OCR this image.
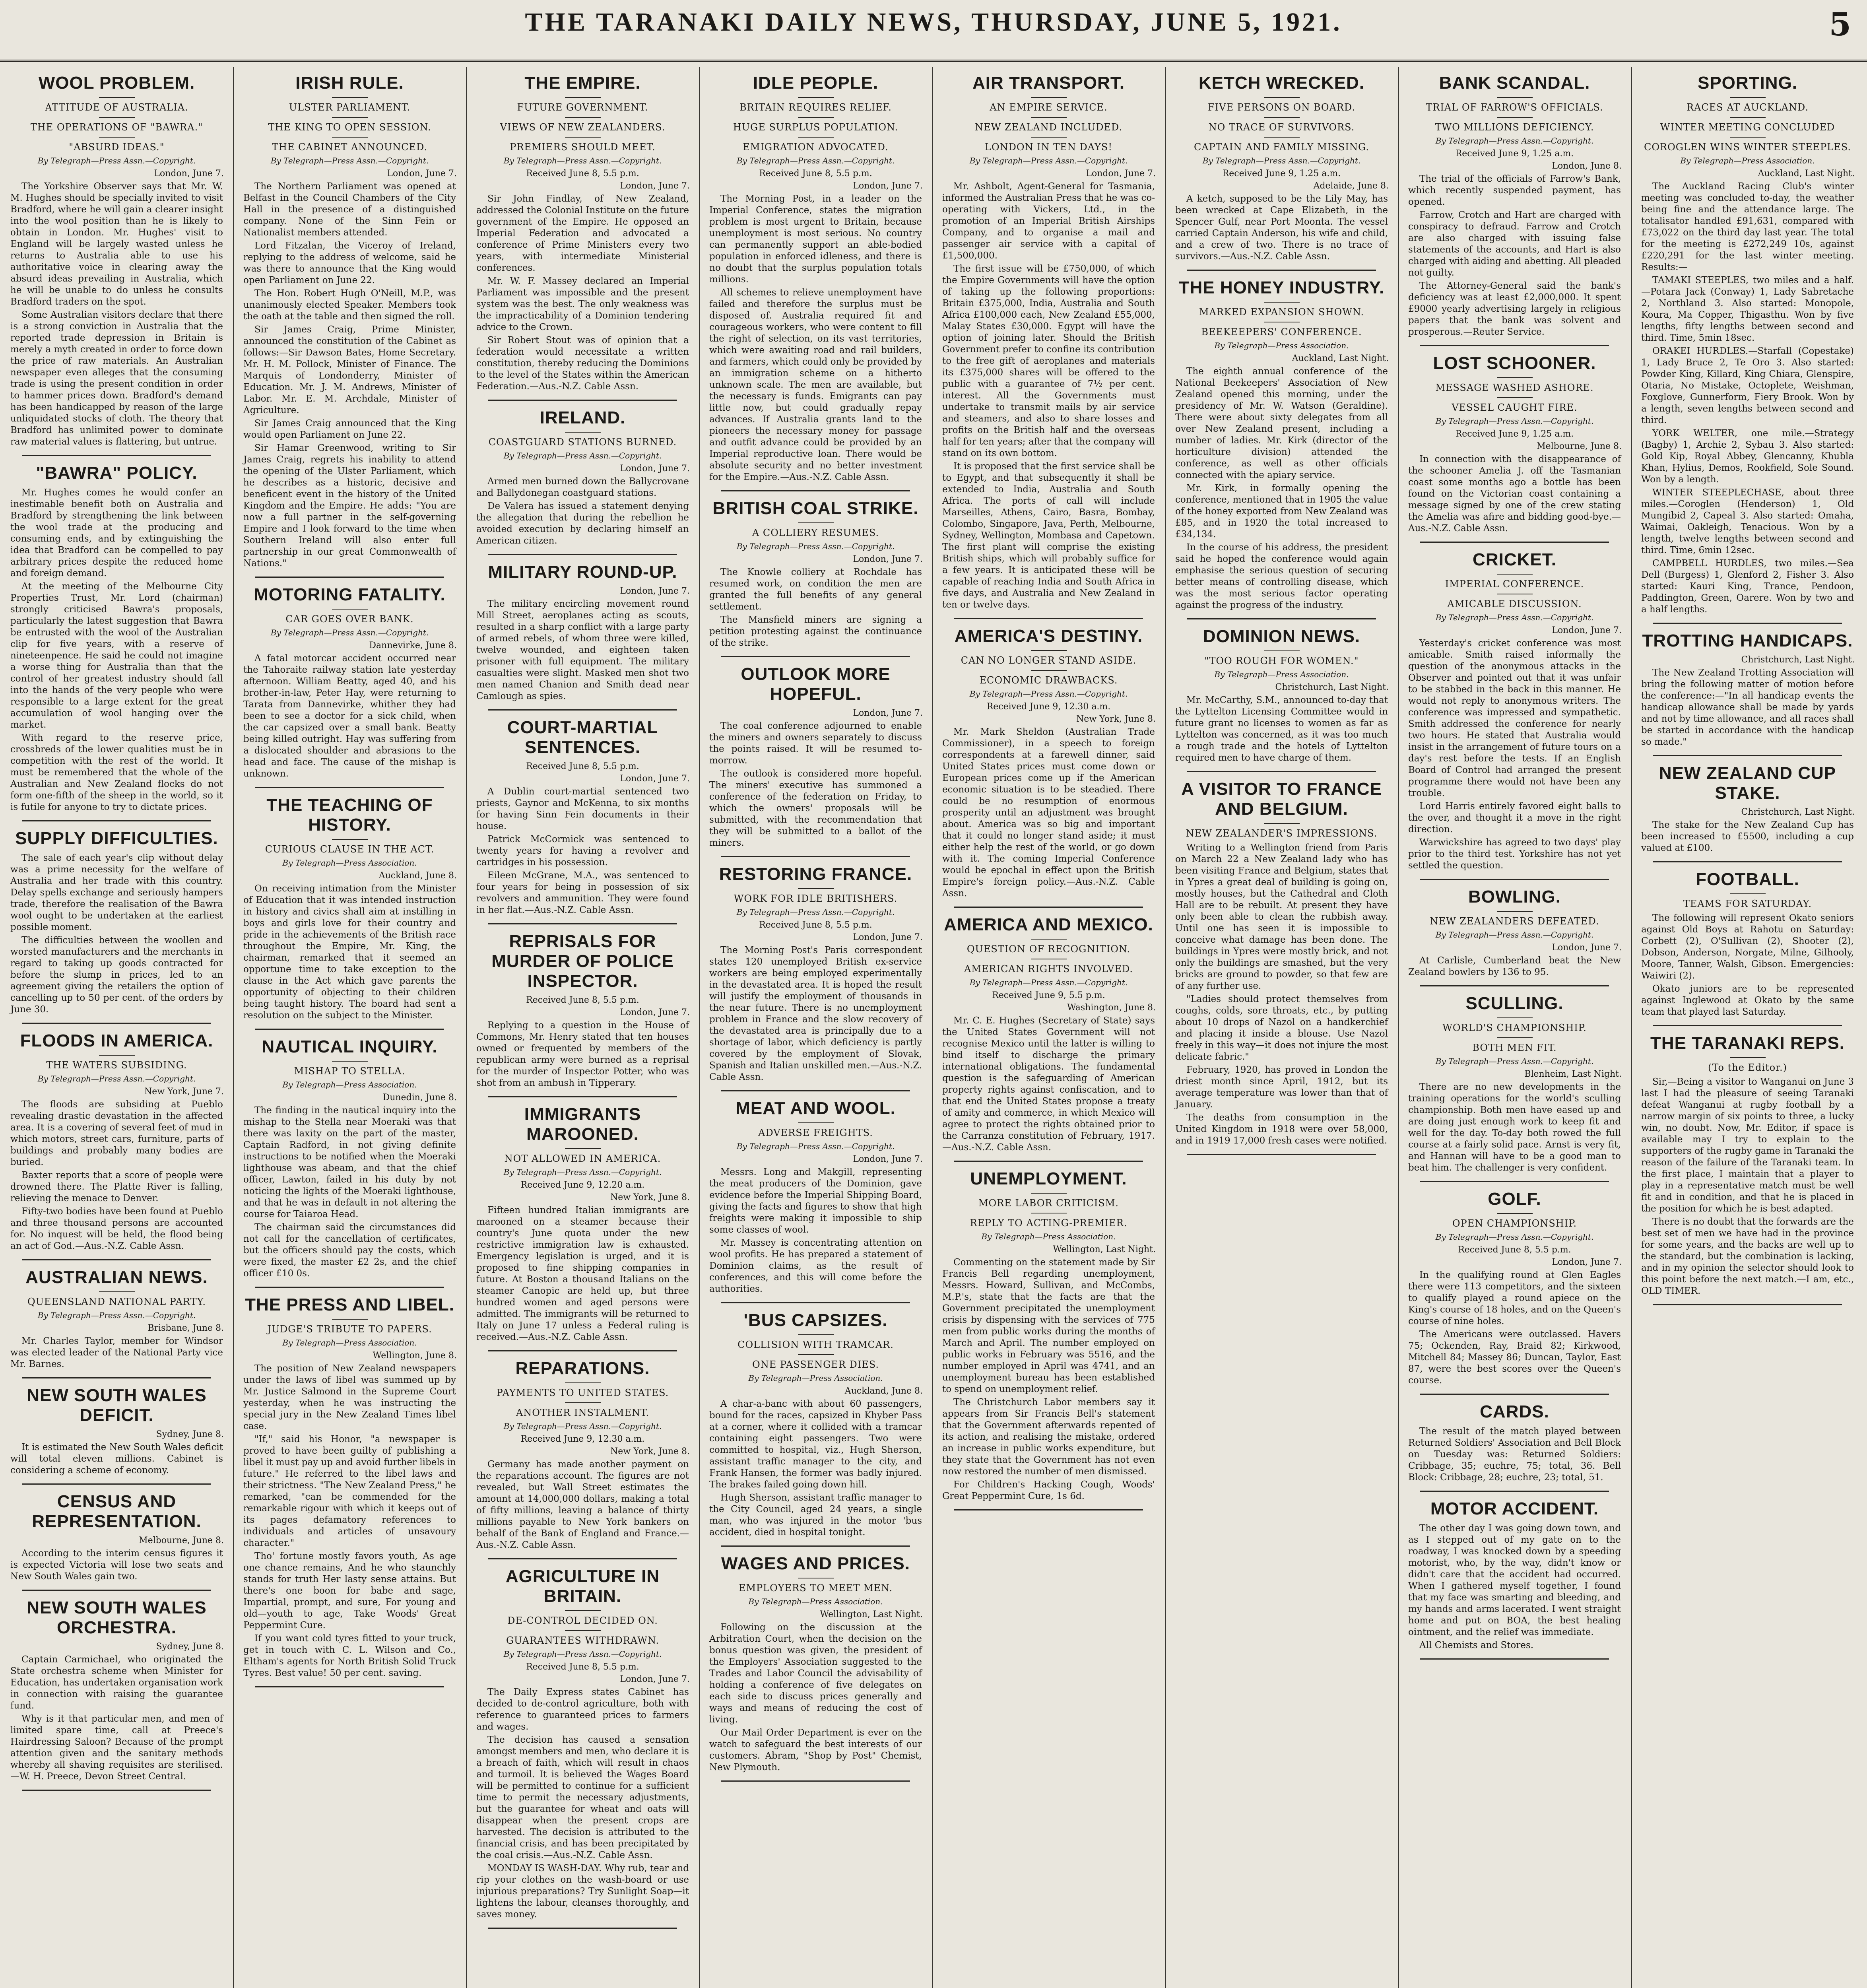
THE TARANAKI DAILY NEWS, THURSDAY, JUNE 5, 1921.	5
WOOL PROBLEM.
ATTITUDE OF AUSTRALIA.
THE OPERATIONS OF "BAWRA."
"ABSURD IDEAS."
By Telegraph—Press Assn.—Copyright.
London, June 7.

The Yorkshire Observer says that Mr. W. M. Hughes should be specially invited to visit Bradford, where he will gain a clearer insight into the wool position than he is likely to obtain in London. Mr. Hughes' visit to England will be largely wasted unless he returns to Australia able to use his authoritative voice in clearing away the absurd ideas prevailing in Australia, which he will be unable to do unless he consults Bradford traders on the spot.

Some Australian visitors declare that there is a strong conviction in Australia that the reported trade depression in Britain is merely a myth created in order to force down the price of raw materials. An Australian newspaper even alleges that the consuming trade is using the present condition in order to hammer prices down. Bradford's demand has been handicapped by reason of the large unliquidated stocks of cloth. The theory that Bradford has unlimited power to dominate raw material values is flattering, but untrue.

"BAWRA" POLICY.

Mr. Hughes comes he would confer an inestimable benefit both on Australia and Bradford by strengthening the link between the wool trade at the producing and consuming ends, and by extinguishing the idea that Bradford can be compelled to pay arbitrary prices despite the reduced home and foreign demand.

At the meeting of the Melbourne City Properties Trust, Mr. Lord (chairman) strongly criticised Bawra's proposals, particularly the latest suggestion that Bawra be entrusted with the wool of the Australian clip for five years, with a reserve of nineteenpence. He said he could not imagine a worse thing for Australia than that the control of her greatest industry should fall into the hands of the very people who were responsible to a large extent for the great accumulation of wool hanging over the market.

With regard to the reserve price, crossbreds of the lower qualities must be in competition with the rest of the world. It must be remembered that the whole of the Australian and New Zealand flocks do not form one-fifth of the sheep in the world, so it is futile for anyone to try to dictate prices.

SUPPLY DIFFICULTIES.

The sale of each year's clip without delay was a prime necessity for the welfare of Australia and her trade with this country. Delay spells exchange and seriously hampers trade, therefore the realisation of the Bawra wool ought to be undertaken at the earliest possible moment.

The difficulties between the woollen and worsted manufacturers and the merchants in regard to taking up goods contracted for before the slump in prices, led to an agreement giving the retailers the option of cancelling up to 50 per cent. of the orders by June 30.

FLOODS IN AMERICA.
THE WATERS SUBSIDING.
By Telegraph—Press Assn.—Copyright.
New York, June 7.

The floods are subsiding at Pueblo revealing drastic devastation in the affected area. It is a covering of several feet of mud in which motors, street cars, furniture, parts of buildings and probably many bodies are buried.

Baxter reports that a score of people were drowned there. The Platte River is falling, relieving the menace to Denver.

Fifty-two bodies have been found at Pueblo and three thousand persons are accounted for. No inquest will be held, the flood being an act of God.—Aus.-N.Z. Cable Assn.

AUSTRALIAN NEWS.
QUEENSLAND NATIONAL PARTY.
By Telegraph—Press Assn.—Copyright.
Brisbane, June 8.

Mr. Charles Taylor, member for Windsor was elected leader of the National Party vice Mr. Barnes.

NEW SOUTH WALES DEFICIT.
Sydney, June 8.

It is estimated the New South Wales deficit will total eleven millions. Cabinet is considering a scheme of economy.

CENSUS AND REPRESENTATION.
Melbourne, June 8.

According to the interim census figures it is expected Victoria will lose two seats and New South Wales gain two.

NEW SOUTH WALES ORCHESTRA.
Sydney, June 8.

Captain Carmichael, who originated the State orchestra scheme when Minister for Education, has undertaken organisation work in connection with raising the guarantee fund.

Why is it that particular men, and men of limited spare time, call at Preece's Hairdressing Saloon? Because of the prompt attention given and the sanitary methods whereby all shaving requisites are sterilised.—W. H. Preece, Devon Street Central.

IRISH RULE.
ULSTER PARLIAMENT.
THE KING TO OPEN SESSION.
THE CABINET ANNOUNCED.
By Telegraph—Press Assn.—Copyright.
London, June 7.

The Northern Parliament was opened at Belfast in the Council Chambers of the City Hall in the presence of a distinguished company. None of the Sinn Fein or Nationalist members attended.

Lord Fitzalan, the Viceroy of Ireland, replying to the address of welcome, said he was there to announce that the King would open Parliament on June 22.

The Hon. Robert Hugh O'Neill, M.P., was unanimously elected Speaker. Members took the oath at the table and then signed the roll.

Sir James Craig, Prime Minister, announced the constitution of the Cabinet as follows:—Sir Dawson Bates, Home Secretary. Mr. H. M. Pollock, Minister of Finance. The Marquis of Londonderry, Minister of Education. Mr. J. M. Andrews, Minister of Labor. Mr. E. M. Archdale, Minister of Agriculture.

Sir James Craig announced that the King would open Parliament on June 22.

Sir Hamar Greenwood, writing to Sir James Craig, regrets his inability to attend the opening of the Ulster Parliament, which he describes as a historic, decisive and beneficent event in the history of the United Kingdom and the Empire. He adds: "You are now a full partner in the self-governing Empire and I look forward to the time when Southern Ireland will also enter full partnership in our great Commonwealth of Nations."

MOTORING FATALITY.
CAR GOES OVER BANK.
By Telegraph—Press Assn.—Copyright.
Dannevirke, June 8.

A fatal motorcar accident occurred near the Tahoraite railway station late yesterday afternoon. William Beatty, aged 40, and his brother-in-law, Peter Hay, were returning to Tarata from Dannevirke, whither they had been to see a doctor for a sick child, when the car capsized over a small bank. Beatty being killed outright. Hay was suffering from a dislocated shoulder and abrasions to the head and face. The cause of the mishap is unknown.

THE TEACHING OF HISTORY.
CURIOUS CLAUSE IN THE ACT.
By Telegraph—Press Association.
Auckland, June 8.

On receiving intimation from the Minister of Education that it was intended instruction in history and civics shall aim at instilling in boys and girls love for their country and pride in the achievements of the British race throughout the Empire, Mr. King, the chairman, remarked that it seemed an opportune time to take exception to the clause in the Act which gave parents the opportunity of objecting to their children being taught history. The board had sent a resolution on the subject to the Minister.

NAUTICAL INQUIRY.
MISHAP TO STELLA.
By Telegraph—Press Association.
Dunedin, June 8.

The finding in the nautical inquiry into the mishap to the Stella near Moeraki was that there was laxity on the part of the master, Captain Radford, in not giving definite instructions to be notified when the Moeraki lighthouse was abeam, and that the chief officer, Lawton, failed in his duty by not noticing the lights of the Moeraki lighthouse, and that he was in default in not altering the course for Taiaroa Head.

The chairman said the circumstances did not call for the cancellation of certificates, but the officers should pay the costs, which were fixed, the master £2 2s, and the chief officer £10 0s.

THE PRESS AND LIBEL.
JUDGE'S TRIBUTE TO PAPERS.
By Telegraph—Press Association.
Wellington, June 8.

The position of New Zealand newspapers under the laws of libel was summed up by Mr. Justice Salmond in the Supreme Court yesterday, when he was instructing the special jury in the New Zealand Times libel case.

"If," said his Honor, "a newspaper is proved to have been guilty of publishing a libel it must pay up and avoid further libels in future." He referred to the libel laws and their strictness. "The New Zealand Press," he remarked, "can be commended for the remarkable rigour with which it keeps out of its pages defamatory references to individuals and articles of unsavoury character."

Tho' fortune mostly favors youth, As age one chance remains, And he who staunchly stands for truth Her lasty sense attains. But there's one boon for babe and sage, Impartial, prompt, and sure, For young and old—youth to age, Take Woods' Great Peppermint Cure.

If you want cold tyres fitted to your truck, get in touch with C. L. Wilson and Co., Eltham's agents for North British Solid Truck Tyres. Best value! 50 per cent. saving.

THE EMPIRE.
FUTURE GOVERNMENT.
VIEWS OF NEW ZEALANDERS.
PREMIERS SHOULD MEET.
By Telegraph—Press Assn.—Copyright.
Received June 8, 5.5 p.m.
London, June 7.

Sir John Findlay, of New Zealand, addressed the Colonial Institute on the future government of the Empire. He opposed an Imperial Federation and advocated a conference of Prime Ministers every two years, with intermediate Ministerial conferences.

Mr. W. F. Massey declared an Imperial Parliament was impossible and the present system was the best. The only weakness was the impracticability of a Dominion tendering advice to the Crown.

Sir Robert Stout was of opinion that a federation would necessitate a written constitution, thereby reducing the Dominions to the level of the States within the American Federation.—Aus.-N.Z. Cable Assn.

IRELAND.
COASTGUARD STATIONS BURNED.
By Telegraph—Press Assn.—Copyright.
London, June 7.

Armed men burned down the Ballycrovane and Ballydonegan coastguard stations.

De Valera has issued a statement denying the allegation that during the rebellion he avoided execution by declaring himself an American citizen.

MILITARY ROUND-UP.
London, June 7.

The military encircling movement round Mill Street, aeroplanes acting as scouts, resulted in a sharp conflict with a large party of armed rebels, of whom three were killed, twelve wounded, and eighteen taken prisoner with full equipment. The military casualties were slight. Masked men shot two men named Chanion and Smith dead near Camlough as spies.

COURT-MARTIAL SENTENCES.
Received June 8, 5.5 p.m.
London, June 7.

A Dublin court-martial sentenced two priests, Gaynor and McKenna, to six months for having Sinn Fein documents in their house.

Patrick McCormick was sentenced to twenty years for having a revolver and cartridges in his possession.

Eileen McGrane, M.A., was sentenced to four years for being in possession of six revolvers and ammunition. They were found in her flat.—Aus.-N.Z. Cable Assn.

REPRISALS FOR MURDER OF POLICE INSPECTOR.
Received June 8, 5.5 p.m.
London, June 7.

Replying to a question in the House of Commons, Mr. Henry stated that ten houses owned or frequented by members of the republican army were burned as a reprisal for the murder of Inspector Potter, who was shot from an ambush in Tipperary.

IMMIGRANTS MAROONED.
NOT ALLOWED IN AMERICA.
By Telegraph—Press Assn.—Copyright.
Received June 9, 12.20 a.m.
New York, June 8.

Fifteen hundred Italian immigrants are marooned on a steamer because their country's June quota under the new restrictive immigration law is exhausted. Emergency legislation is urged, and it is proposed to fine shipping companies in future. At Boston a thousand Italians on the steamer Canopic are held up, but three hundred women and aged persons were admitted. The immigrants will be returned to Italy on June 17 unless a Federal ruling is received.—Aus.-N.Z. Cable Assn.

REPARATIONS.
PAYMENTS TO UNITED STATES.
ANOTHER INSTALMENT.
By Telegraph—Press Assn.—Copyright.
Received June 9, 12.30 a.m.
New York, June 8.

Germany has made another payment on the reparations account. The figures are not revealed, but Wall Street estimates the amount at 14,000,000 dollars, making a total of fifty millions, leaving a balance of thirty millions payable to New York bankers on behalf of the Bank of England and France.—Aus.-N.Z. Cable Assn.

AGRICULTURE IN BRITAIN.
DE-CONTROL DECIDED ON.
GUARANTEES WITHDRAWN.
By Telegraph—Press Assn.—Copyright.
Received June 8, 5.5 p.m.
London, June 7.

The Daily Express states Cabinet has decided to de-control agriculture, both with reference to guaranteed prices to farmers and wages.

The decision has caused a sensation amongst members and men, who declare it is a breach of faith, which will result in chaos and turmoil. It is believed the Wages Board will be permitted to continue for a sufficient time to permit the necessary adjustments, but the guarantee for wheat and oats will disappear when the present crops are harvested. The decision is attributed to the financial crisis, and has been precipitated by the coal crisis.—Aus.-N.Z. Cable Assn.

MONDAY IS WASH-DAY. Why rub, tear and rip your clothes on the wash-board or use injurious preparations? Try Sunlight Soap—it lightens the labour, cleanses thoroughly, and saves money.

IDLE PEOPLE.
BRITAIN REQUIRES RELIEF.
HUGE SURPLUS POPULATION.
EMIGRATION ADVOCATED.
By Telegraph—Press Assn.—Copyright.
Received June 8, 5.5 p.m.
London, June 7.

The Morning Post, in a leader on the Imperial Conference, states the migration problem is most urgent to Britain, because unemployment is most serious. No country can permanently support an able-bodied population in enforced idleness, and there is no doubt that the surplus population totals millions.

All schemes to relieve unemployment have failed and therefore the surplus must be disposed of. Australia required fit and courageous workers, who were content to fill the right of selection, on its vast territories, which were awaiting road and rail builders, and farmers, which could only be provided by an immigration scheme on a hitherto unknown scale. The men are available, but the necessary is funds. Emigrants can pay little now, but could gradually repay advances. If Australia grants land to the pioneers the necessary money for passage and outfit advance could be provided by an Imperial reproductive loan. There would be absolute security and no better investment for the Empire.—Aus.-N.Z. Cable Assn.

BRITISH COAL STRIKE.
A COLLIERY RESUMES.
By Telegraph—Press Assn.—Copyright.
London, June 7.

The Knowle colliery at Rochdale has resumed work, on condition the men are granted the full benefits of any general settlement.

The Mansfield miners are signing a petition protesting against the continuance of the strike.

OUTLOOK MORE HOPEFUL.
London, June 7.

The coal conference adjourned to enable the miners and owners separately to discuss the points raised. It will be resumed to-morrow.

The outlook is considered more hopeful. The miners' executive has summoned a conference of the federation on Friday, to which the owners' proposals will be submitted, with the recommendation that they will be submitted to a ballot of the miners.

RESTORING FRANCE.
WORK FOR IDLE BRITISHERS.
By Telegraph—Press Assn.—Copyright.
Received June 8, 5.5 p.m.
London, June 7.

The Morning Post's Paris correspondent states 120 unemployed British ex-service workers are being employed experimentally in the devastated area. It is hoped the result will justify the employment of thousands in the near future. There is no unemployment problem in France and the slow recovery of the devastated area is principally due to a shortage of labor, which deficiency is partly covered by the employment of Slovak, Spanish and Italian unskilled men.—Aus.-N.Z. Cable Assn.

MEAT AND WOOL.
ADVERSE FREIGHTS.
By Telegraph—Press Assn.—Copyright.
London, June 7.

Messrs. Long and Makgill, representing the meat producers of the Dominion, gave evidence before the Imperial Shipping Board, giving the facts and figures to show that high freights were making it impossible to ship some classes of wool.

Mr. Massey is concentrating attention on wool profits. He has prepared a statement of Dominion claims, as the result of conferences, and this will come before the authorities.

'BUS CAPSIZES.
COLLISION WITH TRAMCAR.
ONE PASSENGER DIES.
By Telegraph—Press Association.
Auckland, June 8.

A char-a-banc with about 60 passengers, bound for the races, capsized in Khyber Pass at a corner, where it collided with a tramcar containing eight passengers. Two were committed to hospital, viz., Hugh Sherson, assistant traffic manager to the city, and Frank Hansen, the former was badly injured. The brakes failed going down hill.

Hugh Sherson, assistant traffic manager to the City Council, aged 24 years, a single man, who was injured in the motor 'bus accident, died in hospital tonight.

WAGES AND PRICES.
EMPLOYERS TO MEET MEN.
By Telegraph—Press Association.
Wellington, Last Night.

Following on the discussion at the Arbitration Court, when the decision on the bonus question was given, the president of the Employers' Association suggested to the Trades and Labor Council the advisability of holding a conference of five delegates on each side to discuss prices generally and ways and means of reducing the cost of living.

Our Mail Order Department is ever on the watch to safeguard the best interests of our customers. Abram, "Shop by Post" Chemist, New Plymouth.

AIR TRANSPORT.
AN EMPIRE SERVICE.
NEW ZEALAND INCLUDED.
LONDON IN TEN DAYS!
By Telegraph—Press Assn.—Copyright.
London, June 7.

Mr. Ashbolt, Agent-General for Tasmania, informed the Australian Press that he was co-operating with Vickers, Ltd., in the promotion of an Imperial British Airships Company, and to organise a mail and passenger air service with a capital of £1,500,000.

The first issue will be £750,000, of which the Empire Governments will have the option of taking up the following proportions: Britain £375,000, India, Australia and South Africa £100,000 each, New Zealand £55,000, Malay States £30,000. Egypt will have the option of joining later. Should the British Government prefer to confine its contribution to the free gift of aeroplanes and materials its £375,000 shares will be offered to the public with a guarantee of 7½ per cent. interest. All the Governments must undertake to transmit mails by air service and steamers, and also to share losses and profits on the British half and the overseas half for ten years; after that the company will stand on its own bottom.

It is proposed that the first service shall be to Egypt, and that subsequently it shall be extended to India, Australia and South Africa. The ports of call will include Marseilles, Athens, Cairo, Basra, Bombay, Colombo, Singapore, Java, Perth, Melbourne, Sydney, Wellington, Mombasa and Capetown. The first plant will comprise the existing British ships, which will probably suffice for a few years. It is anticipated these will be capable of reaching India and South Africa in five days, and Australia and New Zealand in ten or twelve days.

AMERICA'S DESTINY.
CAN NO LONGER STAND ASIDE.
ECONOMIC DRAWBACKS.
By Telegraph—Press Assn.—Copyright.
Received June 9, 12.30 a.m.
New York, June 8.

Mr. Mark Sheldon (Australian Trade Commissioner), in a speech to foreign correspondents at a farewell dinner, said United States prices must come down or European prices come up if the American economic situation is to be steadied. There could be no resumption of enormous prosperity until an adjustment was brought about. America was so big and important that it could no longer stand aside; it must either help the rest of the world, or go down with it. The coming Imperial Conference would be epochal in effect upon the British Empire's foreign policy.—Aus.-N.Z. Cable Assn.

AMERICA AND MEXICO.
QUESTION OF RECOGNITION.
AMERICAN RIGHTS INVOLVED.
By Telegraph—Press Assn.—Copyright.
Received June 9, 5.5 p.m.
Washington, June 8.

Mr. C. E. Hughes (Secretary of State) says the United States Government will not recognise Mexico until the latter is willing to bind itself to discharge the primary international obligations. The fundamental question is the safeguarding of American property rights against confiscation, and to that end the United States propose a treaty of amity and commerce, in which Mexico will agree to protect the rights obtained prior to the Carranza constitution of February, 1917.—Aus.-N.Z. Cable Assn.

UNEMPLOYMENT.
MORE LABOR CRITICISM.
REPLY TO ACTING-PREMIER.
By Telegraph—Press Association.
Wellington, Last Night.

Commenting on the statement made by Sir Francis Bell regarding unemployment, Messrs. Howard, Sullivan, and McCombs, M.P.'s, state that the facts are that the Government precipitated the unemployment crisis by dispensing with the services of 775 men from public works during the months of March and April. The number employed on public works in February was 5516, and the number employed in April was 4741, and an unemployment bureau has been established to spend on unemployment relief.

The Christchurch Labor members say it appears from Sir Francis Bell's statement that the Government afterwards repented of its action, and realising the mistake, ordered an increase in public works expenditure, but they state that the Government has not even now restored the number of men dismissed.

For Children's Hacking Cough, Woods' Great Peppermint Cure, 1s 6d.

KETCH WRECKED.
FIVE PERSONS ON BOARD.
NO TRACE OF SURVIVORS.
CAPTAIN AND FAMILY MISSING.
By Telegraph—Press Assn.—Copyright.
Received June 9, 1.25 a.m.
Adelaide, June 8.

A ketch, supposed to be the Lily May, has been wrecked at Cape Elizabeth, in the Spencer Gulf, near Port Moonta. The vessel carried Captain Anderson, his wife and child, and a crew of two. There is no trace of survivors.—Aus.-N.Z. Cable Assn.

THE HONEY INDUSTRY.
MARKED EXPANSION SHOWN.
BEEKEEPERS' CONFERENCE.
By Telegraph—Press Association.
Auckland, Last Night.

The eighth annual conference of the National Beekeepers' Association of New Zealand opened this morning, under the presidency of Mr. W. Watson (Geraldine). There were about sixty delegates from all over New Zealand present, including a number of ladies. Mr. Kirk (director of the horticulture division) attended the conference, as well as other officials connected with the apiary service.

Mr. Kirk, in formally opening the conference, mentioned that in 1905 the value of the honey exported from New Zealand was £85, and in 1920 the total increased to £34,134.

In the course of his address, the president said he hoped the conference would again emphasise the serious question of securing better means of controlling disease, which was the most serious factor operating against the progress of the industry.

DOMINION NEWS.
"TOO ROUGH FOR WOMEN."
By Telegraph—Press Association.
Christchurch, Last Night.

Mr. McCarthy, S.M., announced to-day that the Lyttelton Licensing Committee would in future grant no licenses to women as far as Lyttelton was concerned, as it was too much a rough trade and the hotels of Lyttelton required men to have charge of them.

A VISITOR TO FRANCE AND BELGIUM.
NEW ZEALANDER'S IMPRESSIONS.

Writing to a Wellington friend from Paris on March 22 a New Zealand lady who has been visiting France and Belgium, states that in Ypres a great deal of building is going on, mostly houses, but the Cathedral and Cloth Hall are to be rebuilt. At present they have only been able to clean the rubbish away. Until one has seen it is impossible to conceive what damage has been done. The buildings in Ypres were mostly brick, and not only the buildings are smashed, but the very bricks are ground to powder, so that few are of any further use.

"Ladies should protect themselves from coughs, colds, sore throats, etc., by putting about 10 drops of Nazol on a handkerchief and placing it inside a blouse. Use Nazol freely in this way—it does not injure the most delicate fabric."

February, 1920, has proved in London the driest month since April, 1912, but its average temperature was lower than that of January.

The deaths from consumption in the United Kingdom in 1918 were over 58,000, and in 1919 17,000 fresh cases were notified.

BANK SCANDAL.
TRIAL OF FARROW'S OFFICIALS.
TWO MILLIONS DEFICIENCY.
By Telegraph—Press Assn.—Copyright.
Received June 9, 1.25 a.m.
London, June 8.

The trial of the officials of Farrow's Bank, which recently suspended payment, has opened.

Farrow, Crotch and Hart are charged with conspiracy to defraud. Farrow and Crotch are also charged with issuing false statements of the accounts, and Hart is also charged with aiding and abetting. All pleaded not guilty.

The Attorney-General said the bank's deficiency was at least £2,000,000. It spent £9000 yearly advertising largely in religious papers that the bank was solvent and prosperous.—Reuter Service.

LOST SCHOONER.
MESSAGE WASHED ASHORE.
VESSEL CAUGHT FIRE.
By Telegraph—Press Assn.—Copyright.
Received June 9, 1.25 a.m.
Melbourne, June 8.

In connection with the disappearance of the schooner Amelia J. off the Tasmanian coast some months ago a bottle has been found on the Victorian coast containing a message signed by one of the crew stating the Amelia was afire and bidding good-bye.—Aus.-N.Z. Cable Assn.

CRICKET.
IMPERIAL CONFERENCE.
AMICABLE DISCUSSION.
By Telegraph—Press Assn.—Copyright.
London, June 7.

Yesterday's cricket conference was most amicable. Smith raised informally the question of the anonymous attacks in the Observer and pointed out that it was unfair to be stabbed in the back in this manner. He would not reply to anonymous writers. The conference was impressed and sympathetic. Smith addressed the conference for nearly two hours. He stated that Australia would insist in the arrangement of future tours on a day's rest before the tests. If an English Board of Control had arranged the present programme there would not have been any trouble.

Lord Harris entirely favored eight balls to the over, and thought it a move in the right direction.

Warwickshire has agreed to two days' play prior to the third test. Yorkshire has not yet settled the question.

BOWLING.
NEW ZEALANDERS DEFEATED.
By Telegraph—Press Assn.—Copyright.
London, June 7.

At Carlisle, Cumberland beat the New Zealand bowlers by 136 to 95.

SCULLING.
WORLD'S CHAMPIONSHIP.
BOTH MEN FIT.
By Telegraph—Press Assn.—Copyright.
Blenheim, Last Night.

There are no new developments in the training operations for the world's sculling championship. Both men have eased up and are doing just enough work to keep fit and well for the day. To-day both rowed the full course at a fairly solid pace. Arnst is very fit, and Hannan will have to be a good man to beat him. The challenger is very confident.

GOLF.
OPEN CHAMPIONSHIP.
By Telegraph—Press Assn.—Copyright.
Received June 8, 5.5 p.m.
London, June 7.

In the qualifying round at Glen Eagles there were 113 competitors, and the sixteen to qualify played a round apiece on the King's course of 18 holes, and on the Queen's course of nine holes.

The Americans were outclassed. Havers 75; Ockenden, Ray, Braid 82; Kirkwood, Mitchell 84; Massey 86; Duncan, Taylor, East 87, were the best scores over the Queen's course.

CARDS.

The result of the match played between Returned Soldiers' Association and Bell Block on Tuesday was: Returned Soldiers: Cribbage, 35; euchre, 75; total, 36. Bell Block: Cribbage, 28; euchre, 23; total, 51.

MOTOR ACCIDENT.

The other day I was going down town, and as I stepped out of my gate on to the roadway, I was knocked down by a speeding motorist, who, by the way, didn't know or didn't care that the accident had occurred. When I gathered myself together, I found that my face was smarting and bleeding, and my hands and arms lacerated. I went straight home and put on BOA, the best healing ointment, and the relief was immediate.

All Chemists and Stores.

SPORTING.
RACES AT AUCKLAND.
WINTER MEETING CONCLUDED
COROGLEN WINS WINTER STEEPLES.
By Telegraph—Press Association.
Auckland, Last Night.

The Auckland Racing Club's winter meeting was concluded to-day, the weather being fine and the attendance large. The totalisator handled £91,631, compared with £73,022 on the third day last year. The total for the meeting is £272,249 10s, against £220,291 for the last winter meeting. Results:—

TAMAKI STEEPLES, two miles and a half.—Potara Jack (Conway) 1, Lady Sabretache 2, Northland 3. Also started: Monopole, Koura, Ma Copper, Thigasthu. Won by five lengths, fifty lengths between second and third. Time, 5min 18sec.

ORAKEI HURDLES.—Starfall (Copestake) 1, Lady Bruce 2, Te Oro 3. Also started: Powder King, Killard, King Chiara, Glenspire, Otaria, No Mistake, Octoplete, Weishman, Foxglove, Gunnerform, Fiery Brook. Won by a length, seven lengths between second and third.

YORK WELTER, one mile.—Strategy (Bagby) 1, Archie 2, Sybau 3. Also started: Gold Kip, Royal Abbey, Glencanny, Khubla Khan, Hylius, Demos, Rookfield, Sole Sound. Won by a length.

WINTER STEEPLECHASE, about three miles.—Coroglen (Henderson) 1, Old Mungibid 2, Capeal 3. Also started: Omaha, Waimai, Oakleigh, Tenacious. Won by a length, twelve lengths between second and third. Time, 6min 12sec.

CAMPBELL HURDLES, two miles.—Sea Dell (Burgess) 1, Glenford 2, Fisher 3. Also started: Kauri King, Trance, Pendoon, Paddington, Green, Oarere. Won by two and a half lengths.

TROTTING HANDICAPS.
Christchurch, Last Night.

The New Zealand Trotting Association will bring the following matter of motion before the conference:—"In all handicap events the handicap allowance shall be made by yards and not by time allowance, and all races shall be started in accordance with the handicap so made."

NEW ZEALAND CUP STAKE.
Christchurch, Last Night.

The stake for the New Zealand Cup has been increased to £5500, including a cup valued at £100.

FOOTBALL.
TEAMS FOR SATURDAY.

The following will represent Okato seniors against Old Boys at Rahotu on Saturday: Corbett (2), O'Sullivan (2), Shooter (2), Dobson, Anderson, Norgate, Milne, Gilhooly, Moore, Tanner, Walsh, Gibson. Emergencies: Waiwiri (2).

Okato juniors are to be represented against Inglewood at Okato by the same team that played last Saturday.

THE TARANAKI REPS.
(To the Editor.)

Sir,—Being a visitor to Wanganui on June 3 last I had the pleasure of seeing Taranaki defeat Wanganui at rugby football by a narrow margin of six points to three, a lucky win, no doubt. Now, Mr. Editor, if space is available may I try to explain to the supporters of the rugby game in Taranaki the reason of the failure of the Taranaki team. In the first place, I maintain that a player to play in a representative match must be well fit and in condition, and that he is placed in the position for which he is best adapted.

There is no doubt that the forwards are the best set of men we have had in the province for some years, and the backs are well up to the standard, but the combination is lacking, and in my opinion the selector should look to this point before the next match.—I am, etc., OLD TIMER.
